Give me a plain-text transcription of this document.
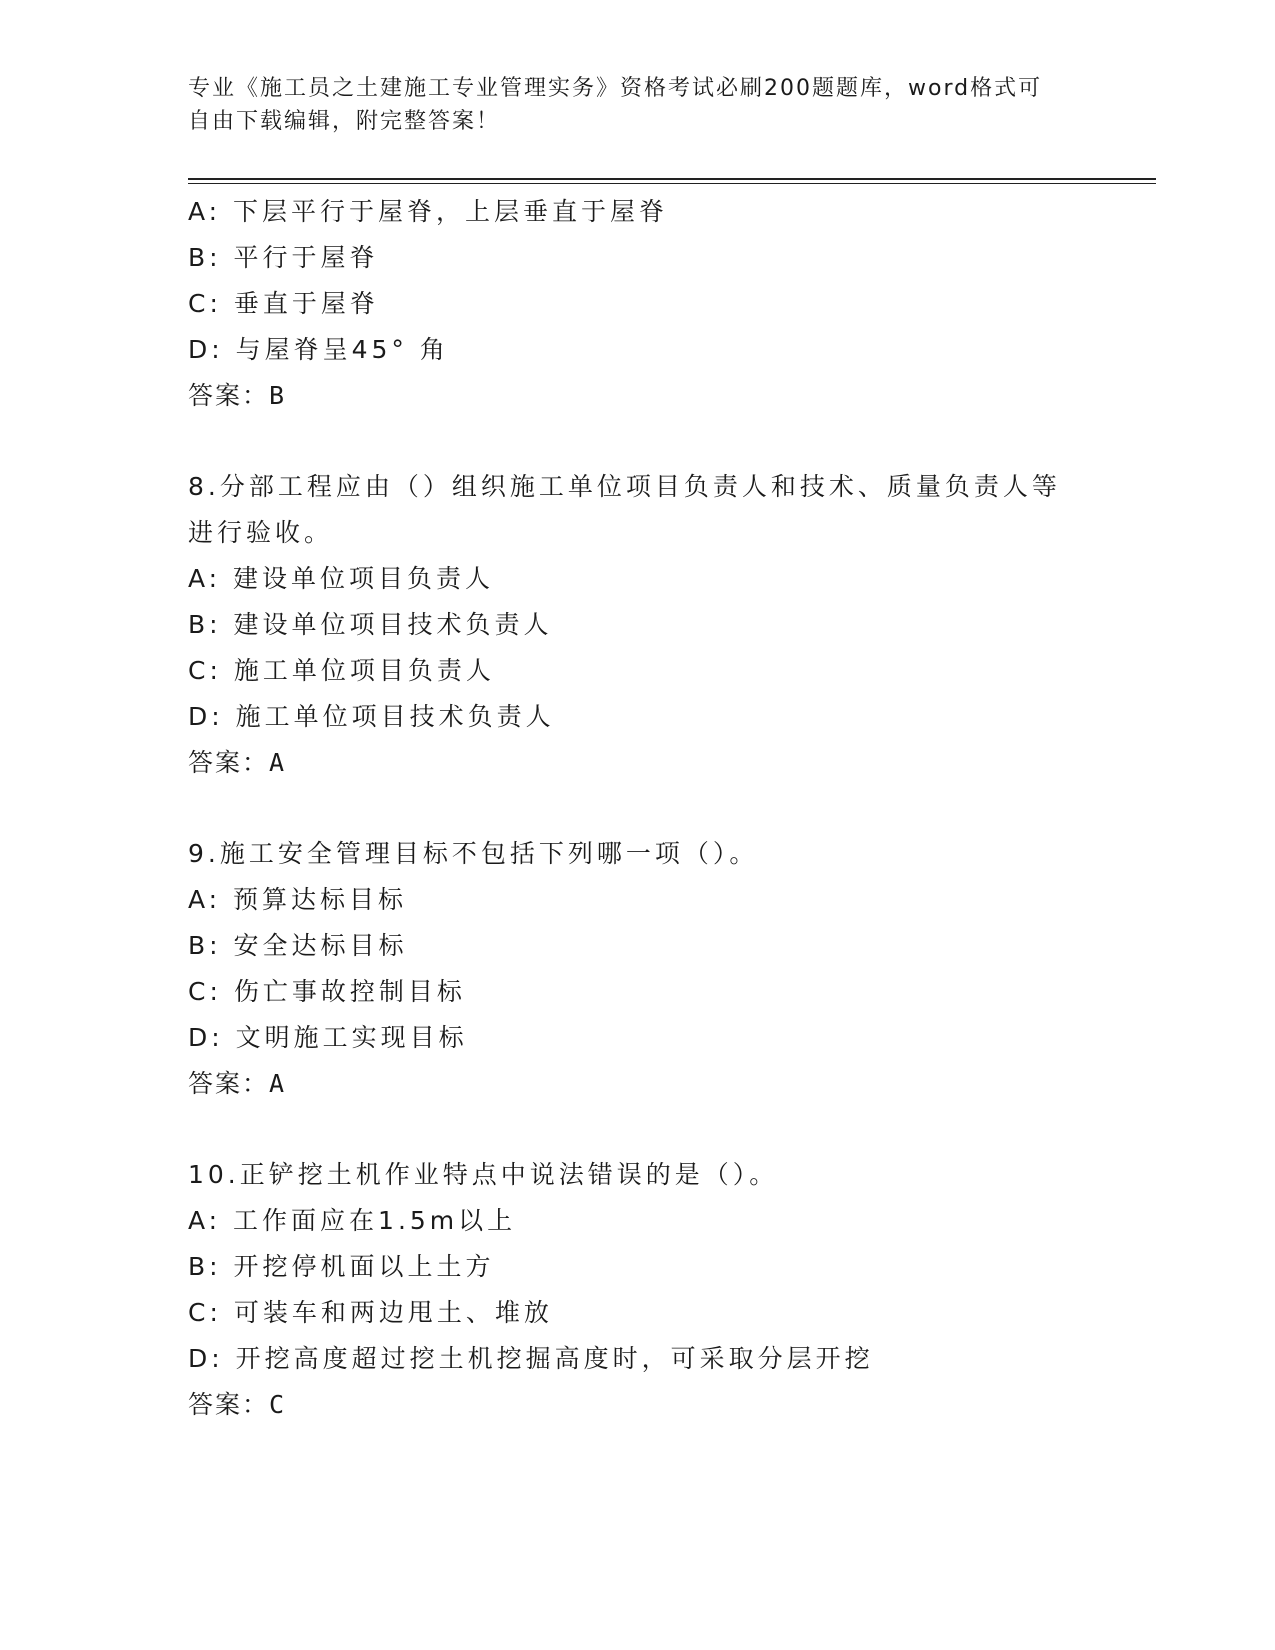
专业《施工员之土建施工专业管理实务》资格考试必刷200题题库，word格式可
自由下载编辑，附完整答案！
A: 下层平行于屋脊，上层垂直于屋脊
B: 平行于屋脊
C: 垂直于屋脊
D: 与屋脊呈45° 角
答案：B
8.分部工程应由（）组织施工单位项目负责人和技术、质量负责人等
进行验收。
A: 建设单位项目负责人
B: 建设单位项目技术负责人
C: 施工单位项目负责人
D: 施工单位项目技术负责人
答案：A
9.施工安全管理目标不包括下列哪一项（）。
A: 预算达标目标
B: 安全达标目标
C: 伤亡事故控制目标
D: 文明施工实现目标
答案：A
10.正铲挖土机作业特点中说法错误的是（）。
A: 工作面应在1.5m以上
B: 开挖停机面以上土方
C: 可装车和两边甩土、堆放
D: 开挖高度超过挖土机挖掘高度时，可采取分层开挖
答案：C
